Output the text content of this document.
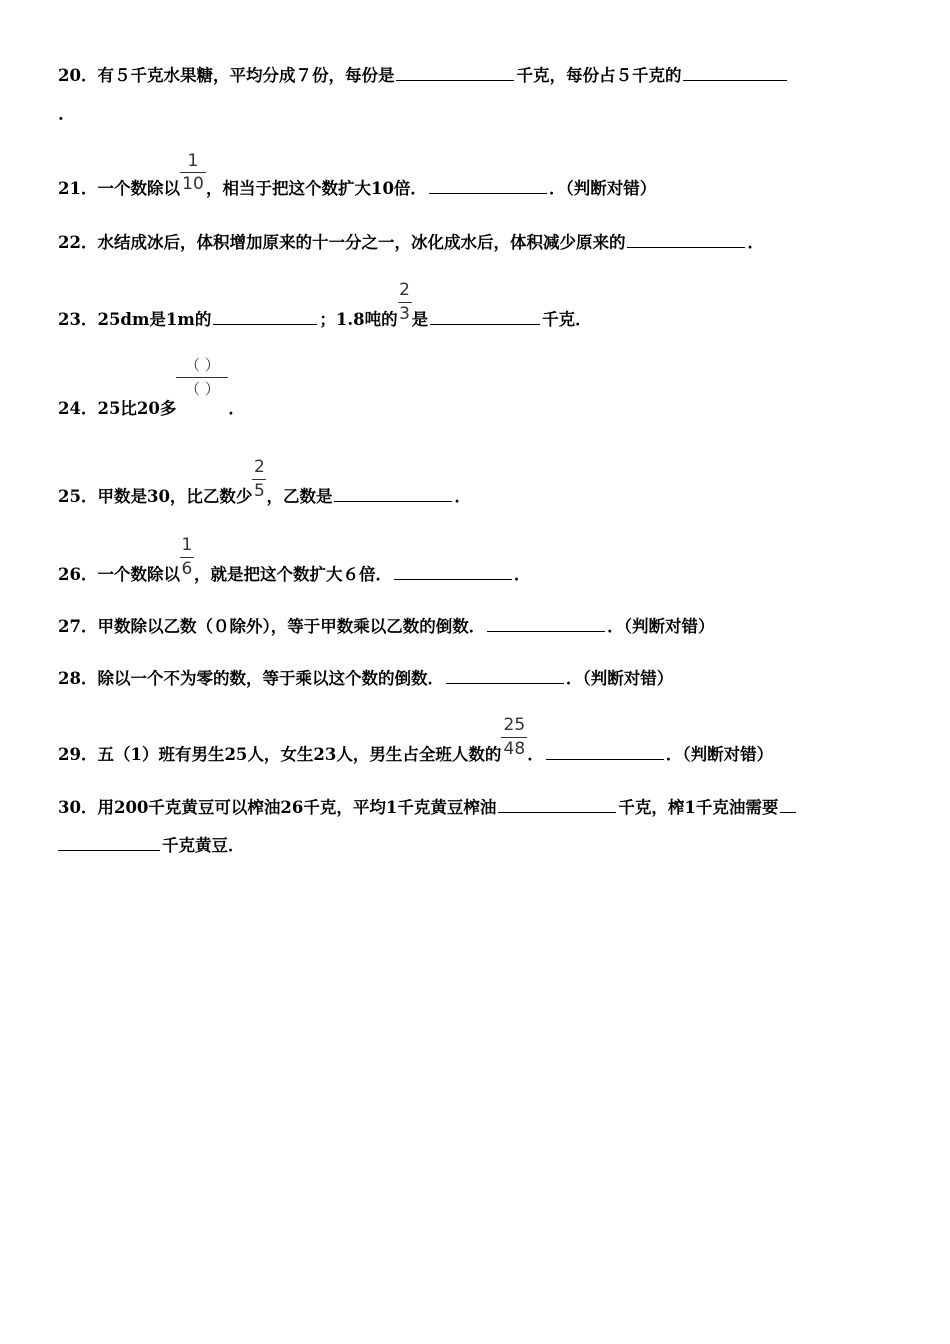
20．有５千克水果糖，平均分成７份，每份是	千克，每份占５千克的
.
21．一个数除以 $\frac{1}{10}$ ，相当于把这个数扩大10倍．	．（判断对错）
22．水结成冰后，体积增加原来的十一分之一，冰化成水后，体积减少原来的	．
23．25dm是1m的	；1.8吨的 $\frac{2}{3}$ 是	千克．
24．25比20多 $\frac{( )}{( )}$ ．
25．甲数是30，比乙数少 $\frac{2}{5}$ ，乙数是	．
26．一个数除以 $\frac{1}{6}$ ，就是把这个数扩大６倍．	．
27．甲数除以乙数（０除外），等于甲数乘以乙数的倒数．	．（判断对错）
28．除以一个不为零的数，等于乘以这个数的倒数．	．（判断对错）
29．五（1）班有男生25人，女生23人，男生占全班人数的 $\frac{25}{48}$ ．	．（判断对错）
30．用200千克黄豆可以榨油26千克，平均1千克黄豆榨油	千克，榨1千克油需要
千克黄豆．
